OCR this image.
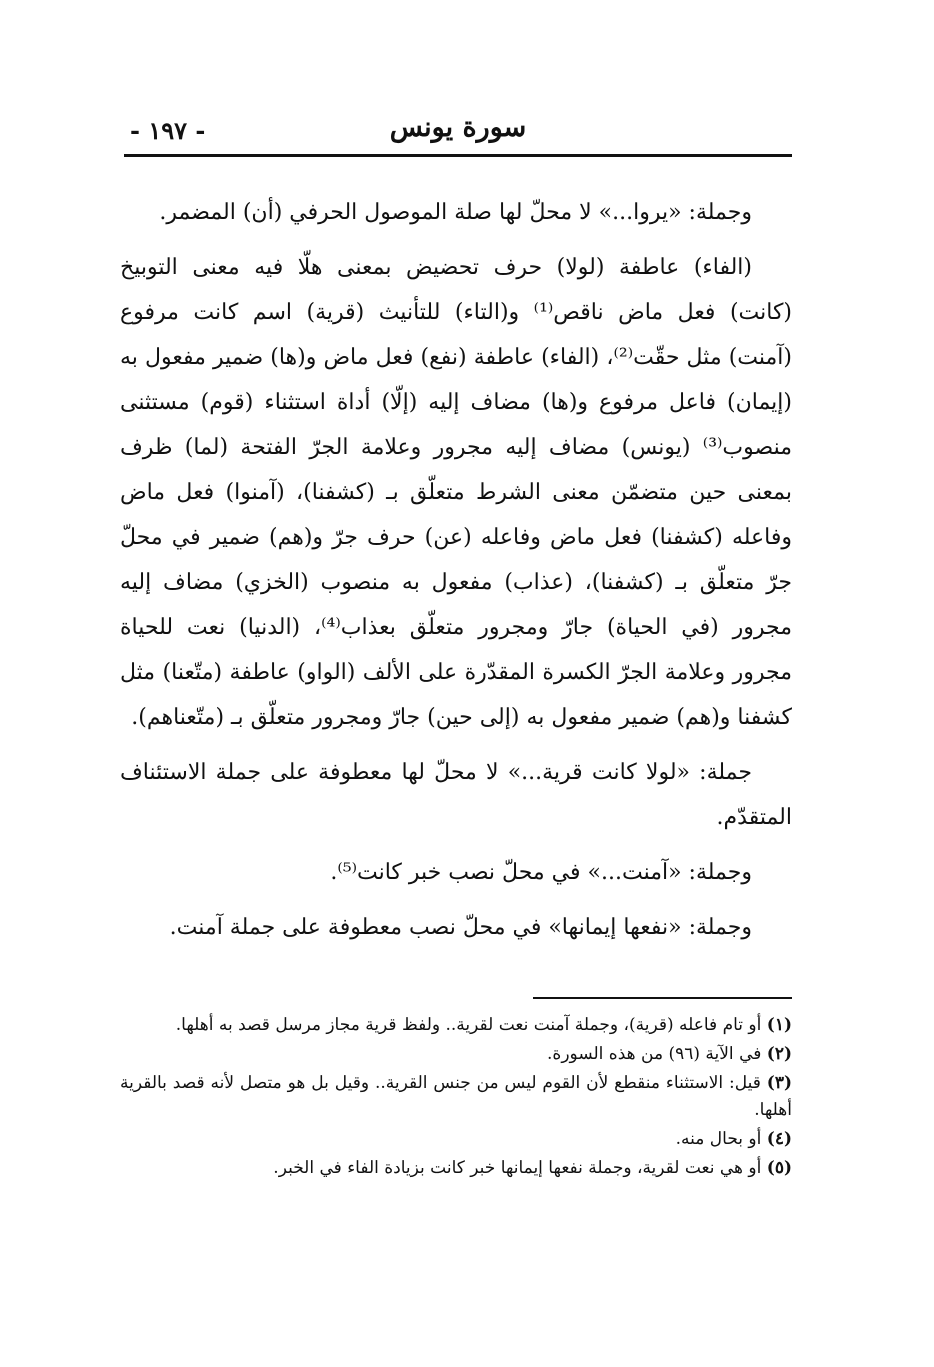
سورة يونس
- ١٩٧ -

وجملة: «يروا...» لا محلّ لها صلة الموصول الحرفي (أن) المضمر.

(الفاء) عاطفة (لولا) حرف تحضيض بمعنى هلّا فيه معنى التوبيخ (كانت) فعل ماض ناقص⁽¹⁾ و(التاء) للتأنيث (قرية) اسم كانت مرفوع (آمنت) مثل حقّت⁽²⁾، (الفاء) عاطفة (نفع) فعل ماض و(ها) ضمير مفعول به (إيمان) فاعل مرفوع و(ها) مضاف إليه (إلّا) أداة استثناء (قوم) مستثنى منصوب⁽³⁾ (يونس) مضاف إليه مجرور وعلامة الجرّ الفتحة (لما) ظرف بمعنى حين متضمّن معنى الشرط متعلّق بـ (كشفنا)، (آمنوا) فعل ماض وفاعله (كشفنا) فعل ماض وفاعله (عن) حرف جرّ و(هم) ضمير في محلّ جرّ متعلّق بـ (كشفنا)، (عذاب) مفعول به منصوب (الخزي) مضاف إليه مجرور (في الحياة) جارّ ومجرور متعلّق بعذاب⁽⁴⁾، (الدنيا) نعت للحياة مجرور وعلامة الجرّ الكسرة المقدّرة على الألف (الواو) عاطفة (متّعنا) مثل كشفنا و(هم) ضمير مفعول به (إلى حين) جارّ ومجرور متعلّق بـ (متّعناهم).

جملة: «لولا كانت قرية...» لا محلّ لها معطوفة على جملة الاستئناف المتقدّم.

وجملة: «آمنت...» في محلّ نصب خبر كانت⁽⁵⁾.

وجملة: «نفعها إيمانها» في محلّ نصب معطوفة على جملة آمنت.

(١) أو تام فاعله (قرية)، وجملة آمنت نعت لقرية.. ولفظ قرية مجاز مرسل قصد به أهلها.
(٢) في الآية (٩٦) من هذه السورة.
(٣) قيل: الاستثناء منقطع لأن القوم ليس من جنس القرية.. وقيل بل هو متصل لأنه قصد بالقرية أهلها.
(٤) أو بحال منه.
(٥) أو هي نعت لقرية، وجملة نفعها إيمانها خبر كانت بزيادة الفاء في الخبر.
